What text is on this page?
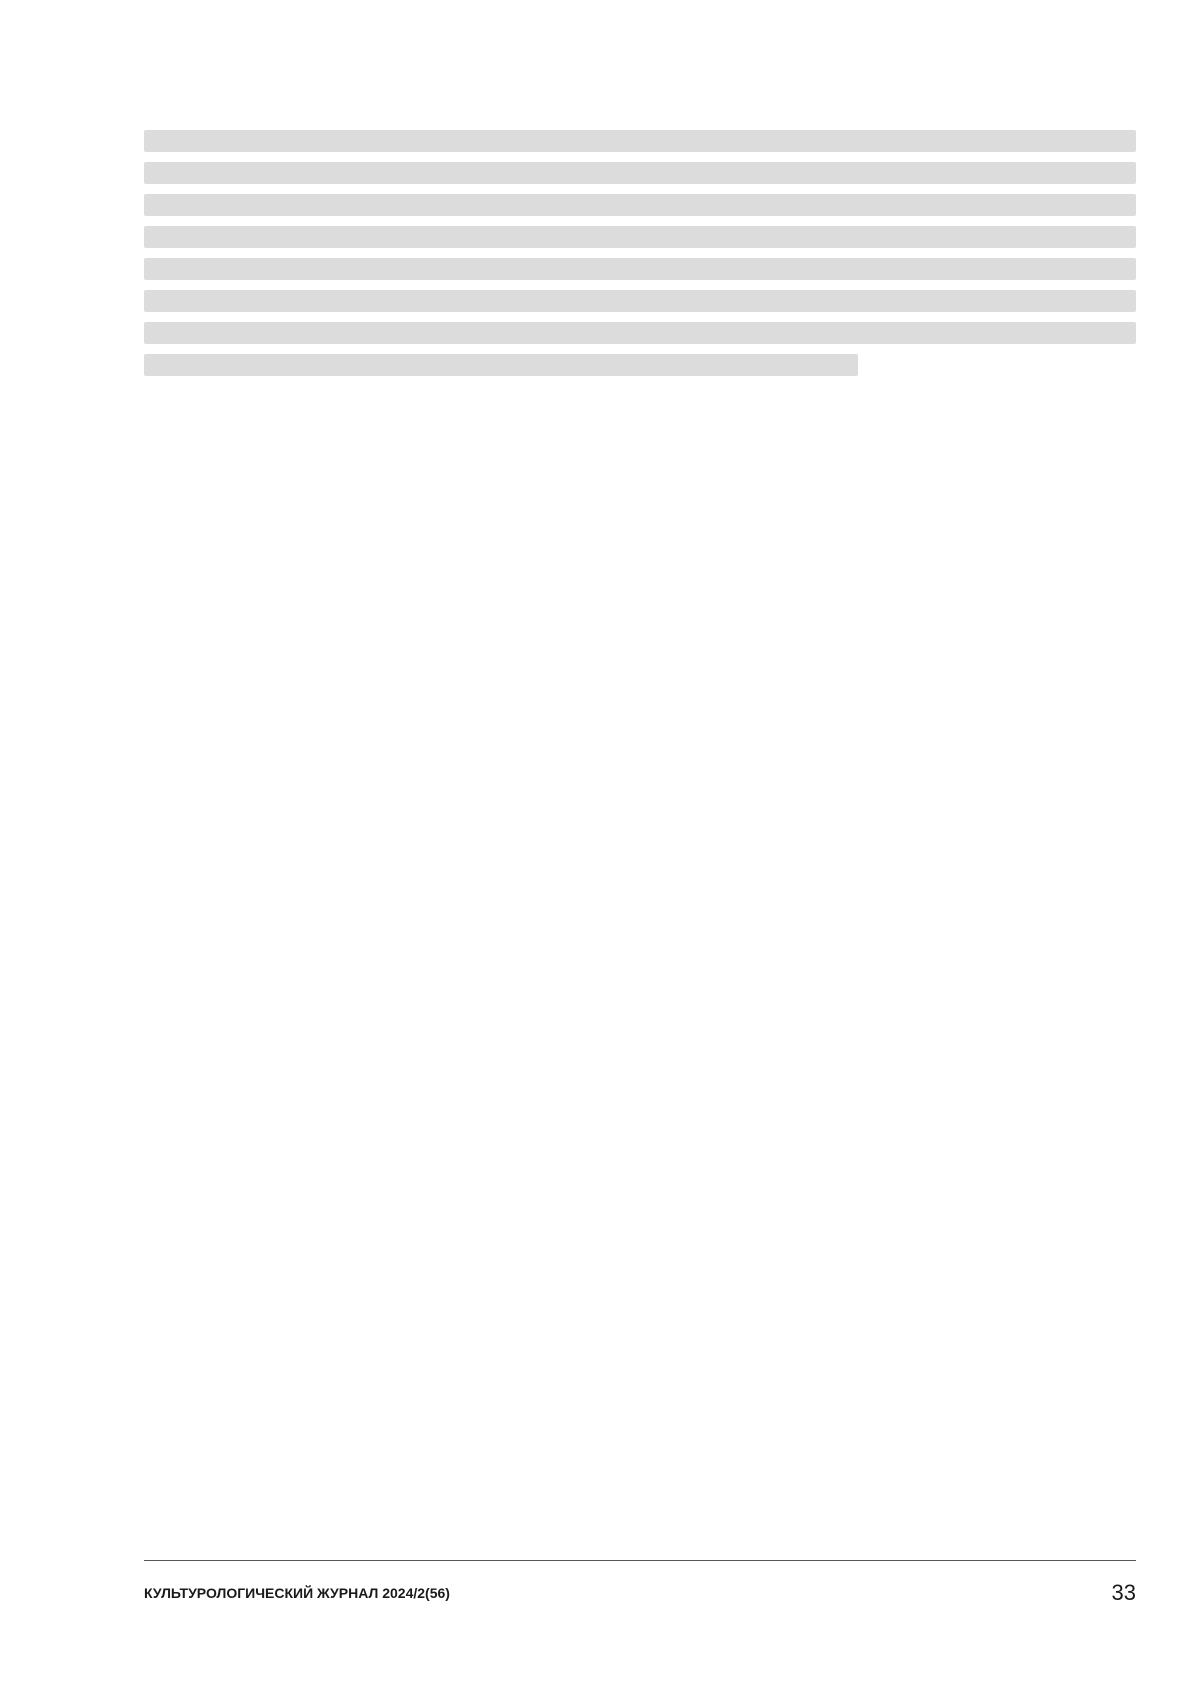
КУЛЬТУРОЛОГИЧЕСКИЙ ЖУРНАЛ 2024/2(56)	33
